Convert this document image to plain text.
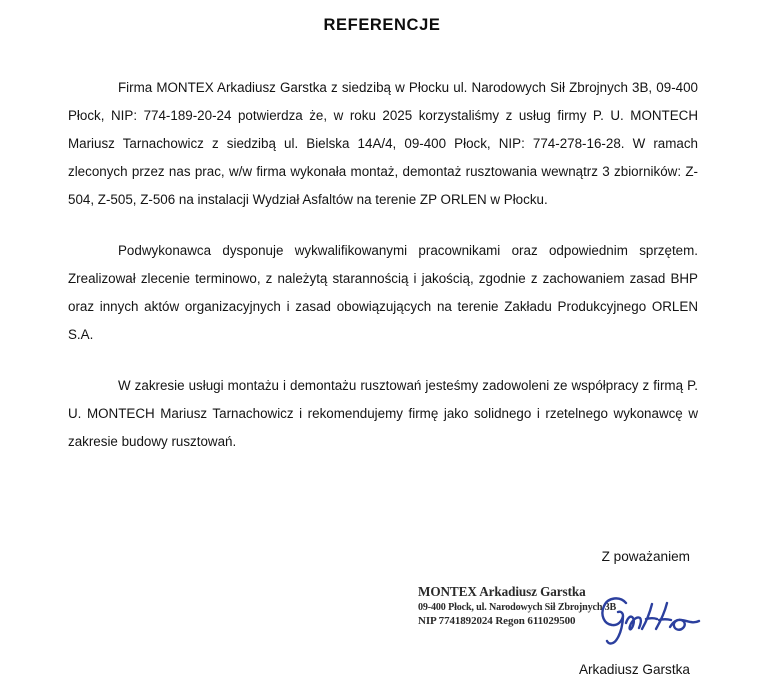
REFERENCJE

Firma MONTEX Arkadiusz Garstka z siedzibą w Płocku ul. Narodowych Sił Zbrojnych 3B, 09-400 Płock, NIP: 774-189-20-24 potwierdza że, w roku 2025 korzystaliśmy z usług firmy P. U. MONTECH Mariusz Tarnachowicz z siedzibą ul. Bielska 14A/4, 09-400 Płock, NIP: 774-278-16-28. W ramach zleconych przez nas prac, w/w firma wykonała montaż, demontaż rusztowania wewnątrz 3 zbiorników: Z-504, Z-505, Z-506 na instalacji Wydział Asfaltów na terenie ZP ORLEN w Płocku.

Podwykonawca dysponuje wykwalifikowanymi pracownikami oraz odpowiednim sprzętem. Zrealizował zlecenie terminowo, z należytą starannością i jakością, zgodnie z zachowaniem zasad BHP oraz innych aktów organizacyjnych i zasad obowiązujących na terenie Zakładu Produkcyjnego ORLEN S.A.

W zakresie usługi montażu i demontażu rusztowań jesteśmy zadowoleni ze współpracy z firmą P. U. MONTECH Mariusz Tarnachowicz i rekomendujemy firmę jako solidnego i rzetelnego wykonawcę w zakresie budowy rusztowań.

Z poważaniem
MONTEX Arkadiusz Garstka
09-400 Płock, ul. Narodowych Sił Zbrojnych 3B
NIP 7741892024 Regon 611029500
Arkadiusz Garstka
